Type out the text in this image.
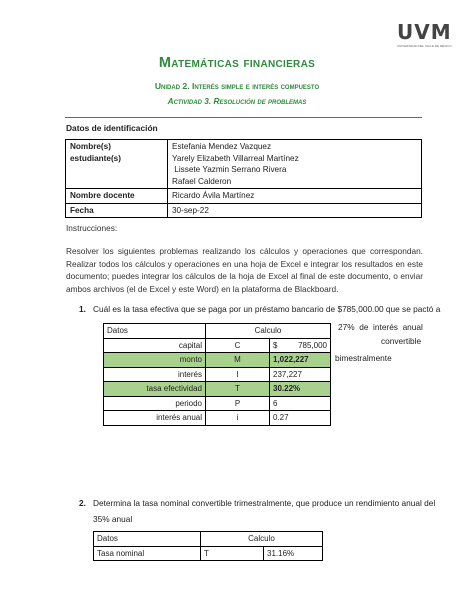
UVM
UNIVERSIDAD DEL VALLE DE MÉXICO
Matemáticas financieras
Unidad 2. Interés simple e interés compuesto
Actividad 3. Resolución de problemas
Datos de identificación
Nombre(s) estudiante(s)	Estefania Mendez Vazquez
Yarely Elizabeth Villarreal Martínez
Lissete Yazmin Serrano Rivera
Rafael Calderon

Nombre docente	Ricardo Ávila Martínez
Fecha	30-sep-22
Instrucciones:
Resolver los siguientes problemas realizando los cálculos y operaciones que correspondan. Realizar todos los cálculos y operaciones en una hoja de Excel e integrar los resultados en este documento; puedes integrar los cálculos de la hoja de Excel al final de este documento, o enviar ambos archivos (el de Excel y este Word) en la plataforma de Blackboard.
1. Cuál es la tasa efectiva que se paga por un préstamo bancario de $785,000.00 que se pactó a
27%  de  interés  anual
convertible
bimestralmente
Datos	Calculo	
capital	C	$ 785,000

monto	M	1,022,227
interés	I	237,227
tasa efectividad	T	30.22%
periodo	P	6
interés anual	i	0.27
2. Determina la tasa nominal convertible trimestralmente, que produce un rendimiento anual del
35% anual
Datos	Calculo	
Tasa nominal	T	31.16%
